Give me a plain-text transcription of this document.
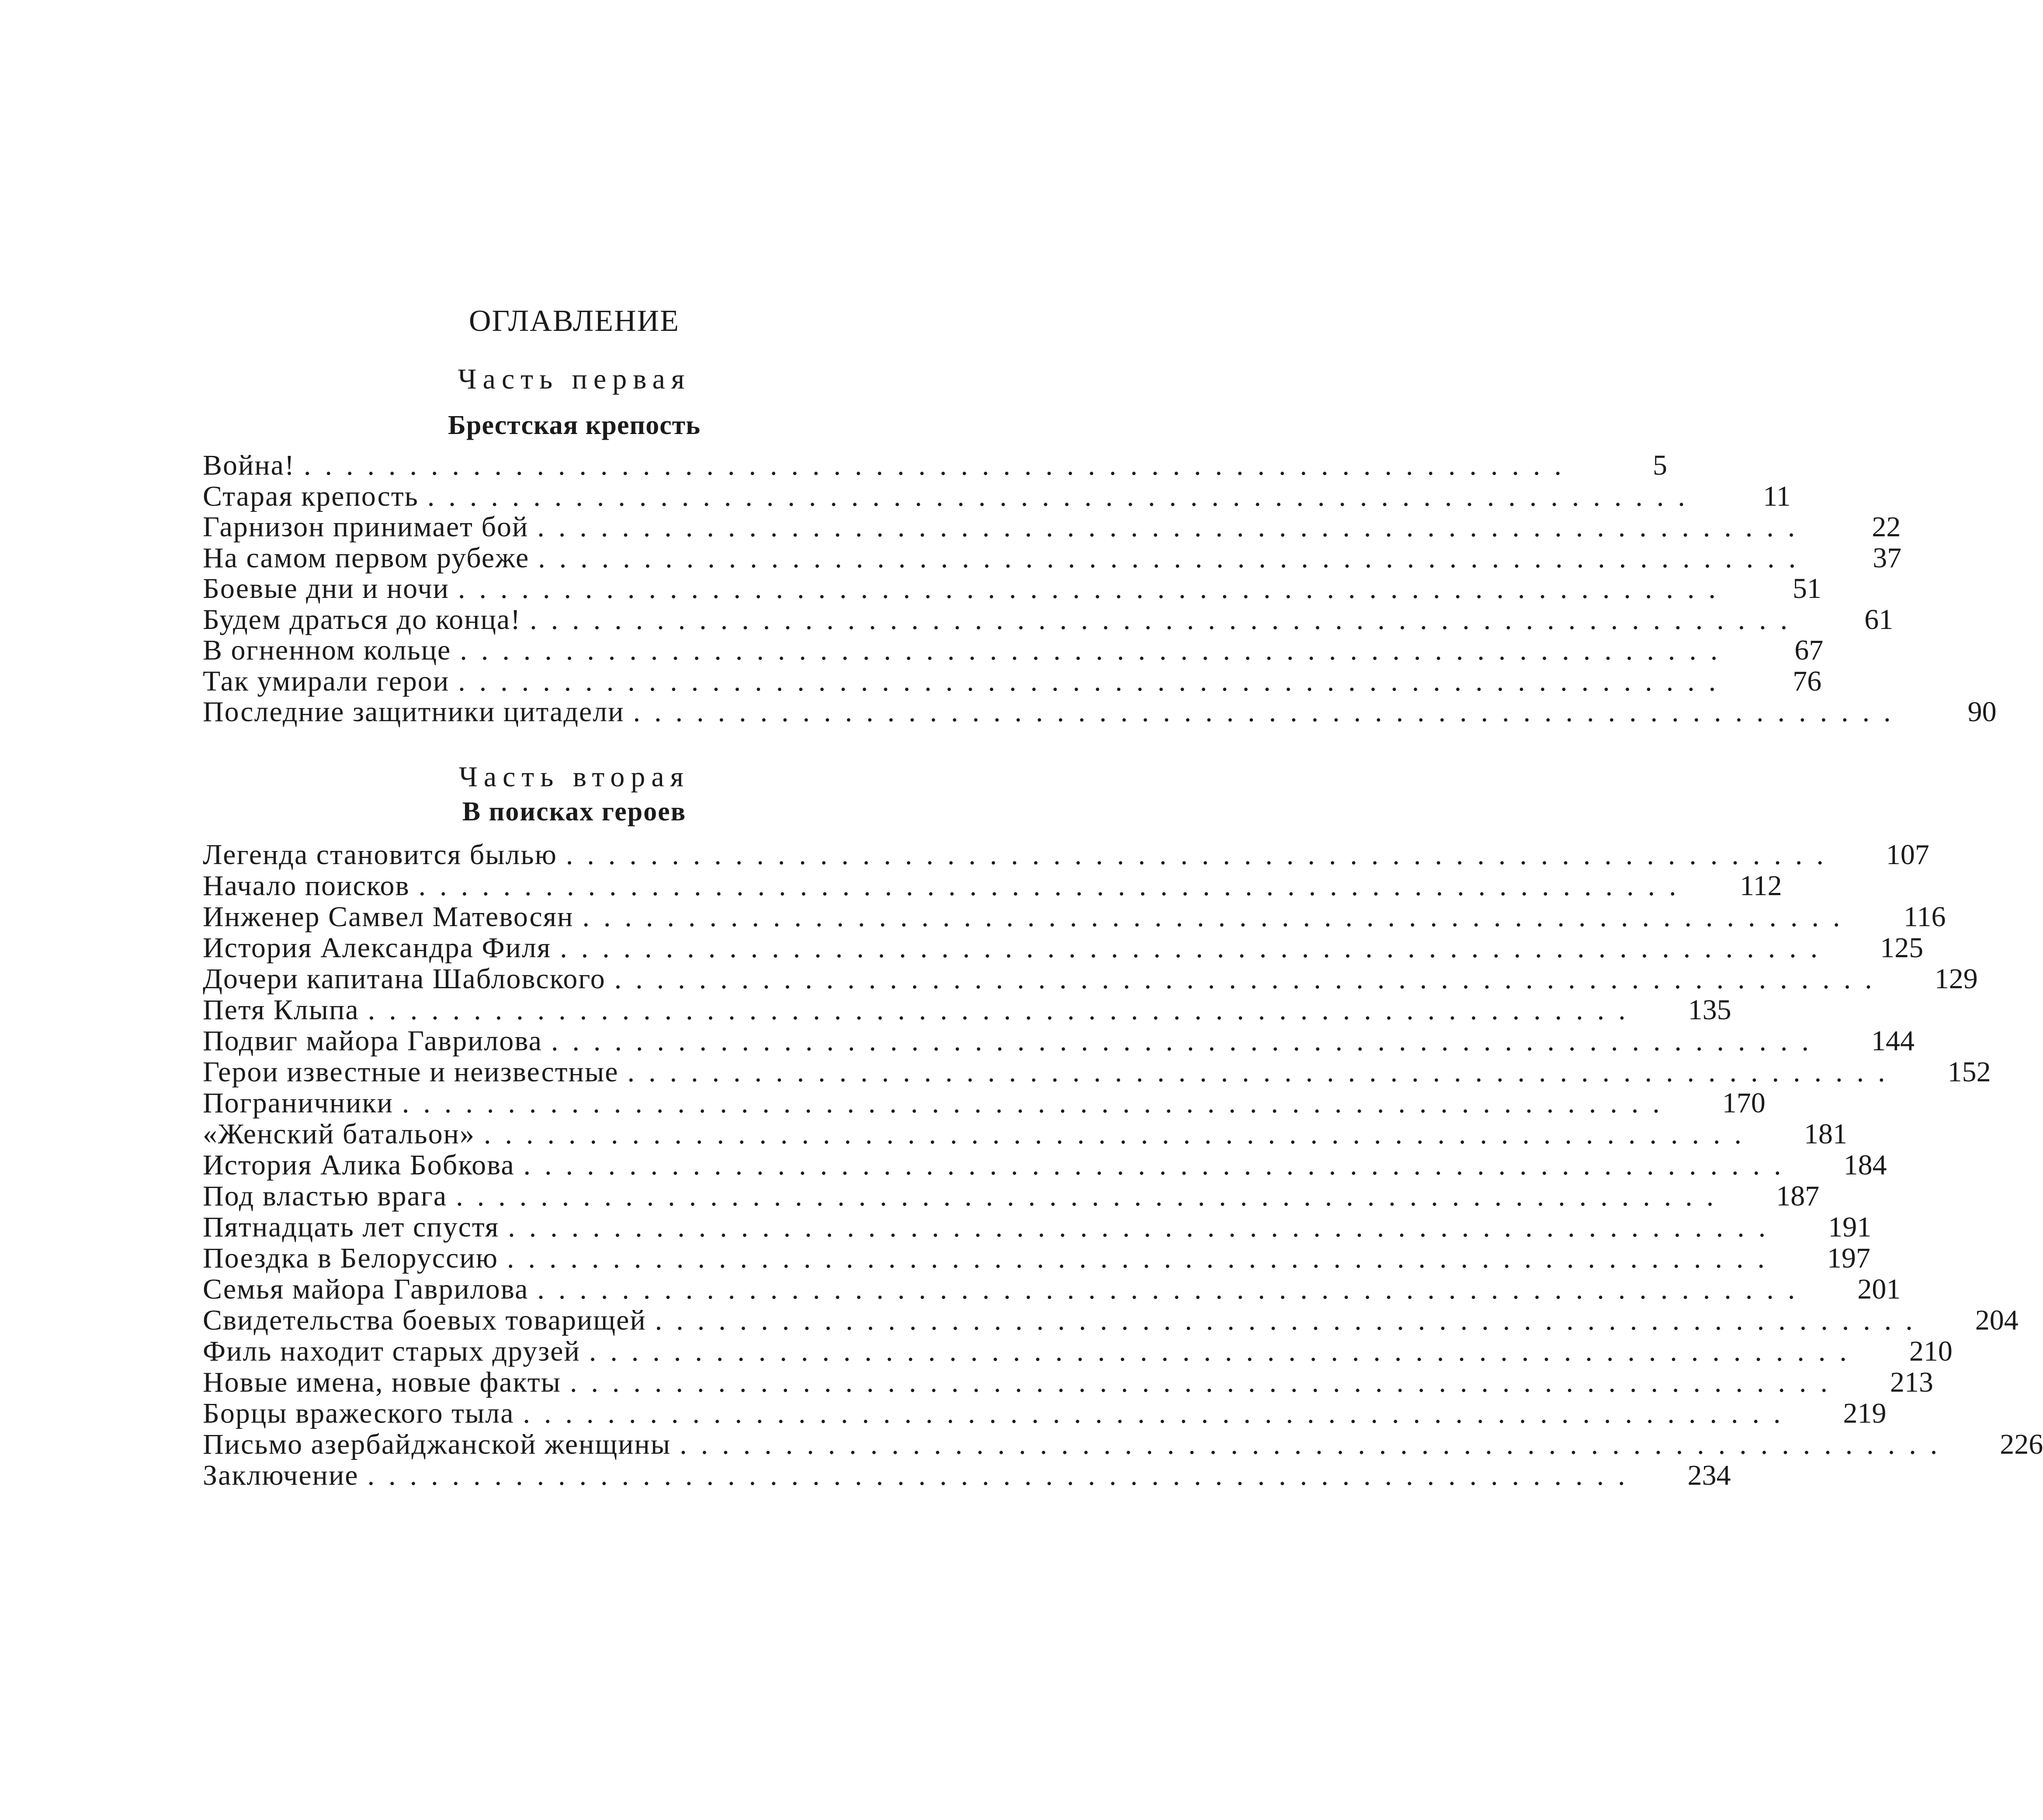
ОГЛАВЛЕНИЕ
Часть первая
Брестская крепость
Война! ............................................................	5
Старая крепость ............................................................	11
Гарнизон принимает бой ............................................................	22
На самом первом рубеже ............................................................	37
Боевые дни и ночи ............................................................	51
Будем драться до конца! ............................................................	61
В огненном кольце ............................................................	67
Так умирали герои ............................................................	76
Последние защитники цитадели ............................................................	90
Часть вторая
В поисках героев
Легенда становится былью ............................................................ 107
Начало поисков ............................................................ 112
Инженер Самвел Матевосян ............................................................ 116
История Александра Филя ............................................................ 125
Дочери капитана Шабловского ............................................................ 129
Петя Клыпа ............................................................ 135
Подвиг майора Гаврилова ............................................................ 144
Герои известные и неизвестные ............................................................ 152
Пограничники ............................................................ 170
«Женский батальон» ............................................................ 181
История Алика Бобкова ............................................................ 184
Под властью врага ............................................................ 187
Пятнадцать лет спустя ............................................................ 191
Поездка в Белоруссию ............................................................ 197
Семья майора Гаврилова ............................................................ 201
Свидетельства боевых товарищей ............................................................ 204
Филь находит старых друзей ............................................................ 210
Новые имена, новые факты ............................................................ 213
Борцы вражеского тыла ............................................................ 219
Письмо азербайджанской женщины ............................................................ 226
Заключение ............................................................ 234
